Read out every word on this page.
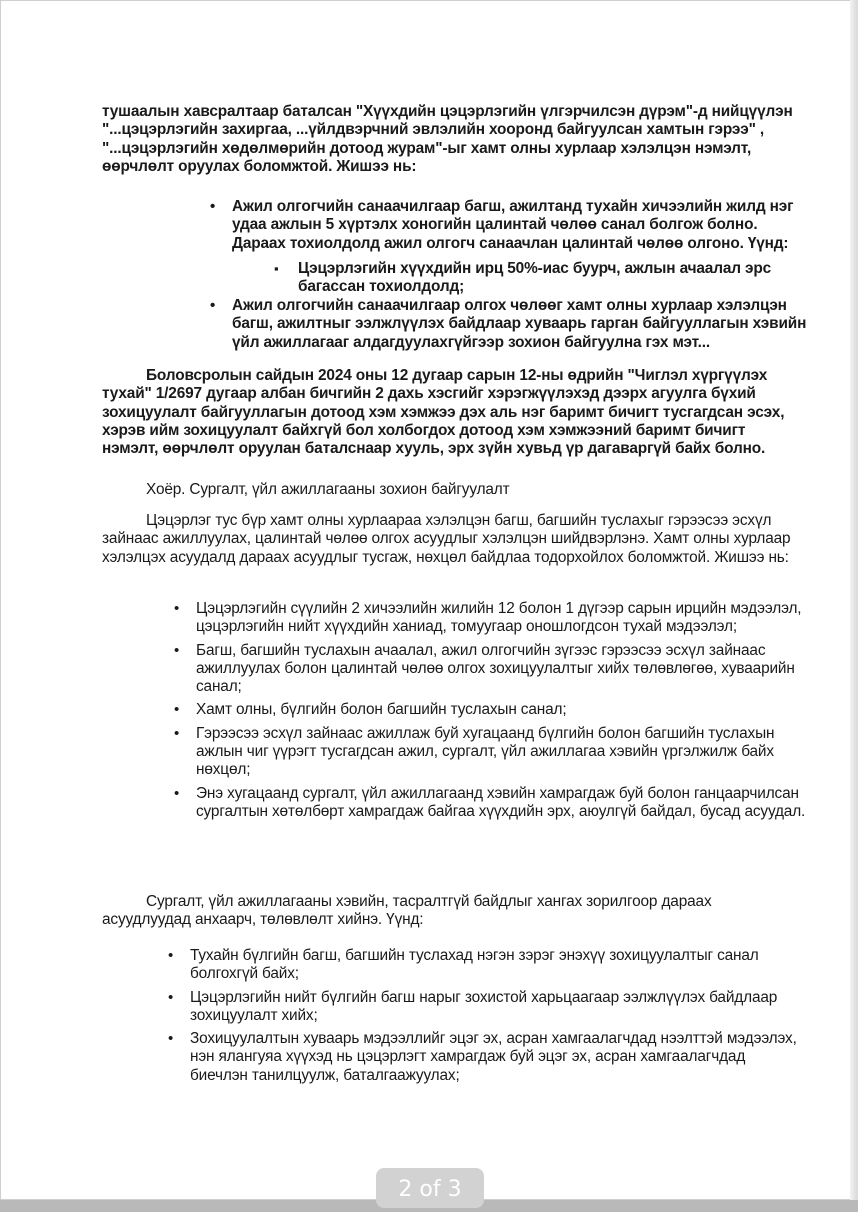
тушаалын хавсралтаар баталсан "Хүүхдийн цэцэрлэгийн үлгэрчилсэн дүрэм"-д нийцүүлэн "...цэцэрлэгийн захиргаа, ...үйлдвэрчний эвлэлийн хооронд байгуулсан хамтын гэрээ" , "...цэцэрлэгийн хөдөлмөрийн дотоод журам"-ыг хамт олны хурлаар хэлэлцэн нэмэлт, өөрчлөлт оруулах боломжтой. Жишээ нь:

• Ажил олгогчийн санаачилгаар багш, ажилтанд тухайн хичээлийн жилд нэг удаа ажлын 5 хүртэлх хоногийн цалинтай чөлөө санал болгож болно. Дараах тохиолдолд ажил олгогч санаачлан цалинтай чөлөө олгоно. Үүнд:
▪ Цэцэрлэгийн хүүхдийн ирц 50%-иас буурч, ажлын ачаалал эрс багассан тохиолдолд;
• Ажил олгогчийн санаачилгаар олгох чөлөөг хамт олны хурлаар хэлэлцэн багш, ажилтныг ээлжлүүлэх байдлаар хуваарь гарган байгууллагын хэвийн үйл ажиллагааг алдагдуулахгүйгээр зохион байгуулна гэх мэт...

Боловсролын сайдын 2024 оны 12 дугаар сарын 12-ны өдрийн "Чиглэл хүргүүлэх тухай" 1/2697 дугаар албан бичгийн 2 дахь хэсгийг хэрэгжүүлэхэд дээрх агуулга бүхий зохицуулалт байгууллагын дотоод хэм хэмжээ дэх аль нэг баримт бичигт тусгагдсан эсэх, хэрэв ийм зохицуулалт байхгүй бол холбогдох дотоод хэм хэмжээний баримт бичигт нэмэлт, өөрчлөлт оруулан баталснаар хууль, эрх зүйн хувьд үр дагаваргүй байх болно.

Хоёр. Сургалт, үйл ажиллагааны зохион байгуулалт

Цэцэрлэг тус бүр хамт олны хурлаараа хэлэлцэн багш, багшийн туслахыг гэрээсээ эсхүл зайнаас ажиллуулах, цалинтай чөлөө олгох асуудлыг хэлэлцэн шийдвэрлэнэ. Хамт олны хурлаар хэлэлцэх асуудалд дараах асуудлыг тусгаж, нөхцөл байдлаа тодорхойлох боломжтой. Жишээ нь:

• Цэцэрлэгийн сүүлийн 2 хичээлийн жилийн 12 болон 1 дүгээр сарын ирцийн мэдээлэл, цэцэрлэгийн нийт хүүхдийн ханиад, томуугаар оношлогдсон тухай мэдээлэл;
• Багш, багшийн туслахын ачаалал, ажил олгогчийн зүгээс гэрээсээ эсхүл зайнаас ажиллуулах болон цалинтай чөлөө олгох зохицуулалтыг хийх төлөвлөгөө, хуваарийн санал;
• Хамт олны, бүлгийн болон багшийн туслахын санал;
• Гэрээсээ эсхүл зайнаас ажиллаж буй хугацаанд бүлгийн болон багшийн туслахын ажлын чиг үүрэгт тусгагдсан ажил, сургалт, үйл ажиллагаа хэвийн үргэлжилж байх нөхцөл;
• Энэ хугацаанд сургалт, үйл ажиллагаанд хэвийн хамрагдаж буй болон ганцаарчилсан сургалтын хөтөлбөрт хамрагдаж байгаа хүүхдийн эрх, аюулгүй байдал, бусад асуудал.

Сургалт, үйл ажиллагааны хэвийн, тасралтгүй байдлыг хангах зорилгоор дараах асуудлуудад анхаарч, төлөвлөлт хийнэ. Үүнд:

• Тухайн бүлгийн багш, багшийн туслахад нэгэн зэрэг энэхүү зохицуулалтыг санал болгохгүй байх;
• Цэцэрлэгийн нийт бүлгийн багш нарыг зохистой харьцаагаар ээлжлүүлэх байдлаар зохицуулалт хийх;
• Зохицуулалтын хуваарь мэдээллийг эцэг эх, асран хамгаалагчдад нээлттэй мэдээлэх, нэн ялангуяа хүүхэд нь цэцэрлэгт хамрагдаж буй эцэг эх, асран хамгаалагчдад биечлэн танилцуулж, баталгаажуулах;
2 of 3
